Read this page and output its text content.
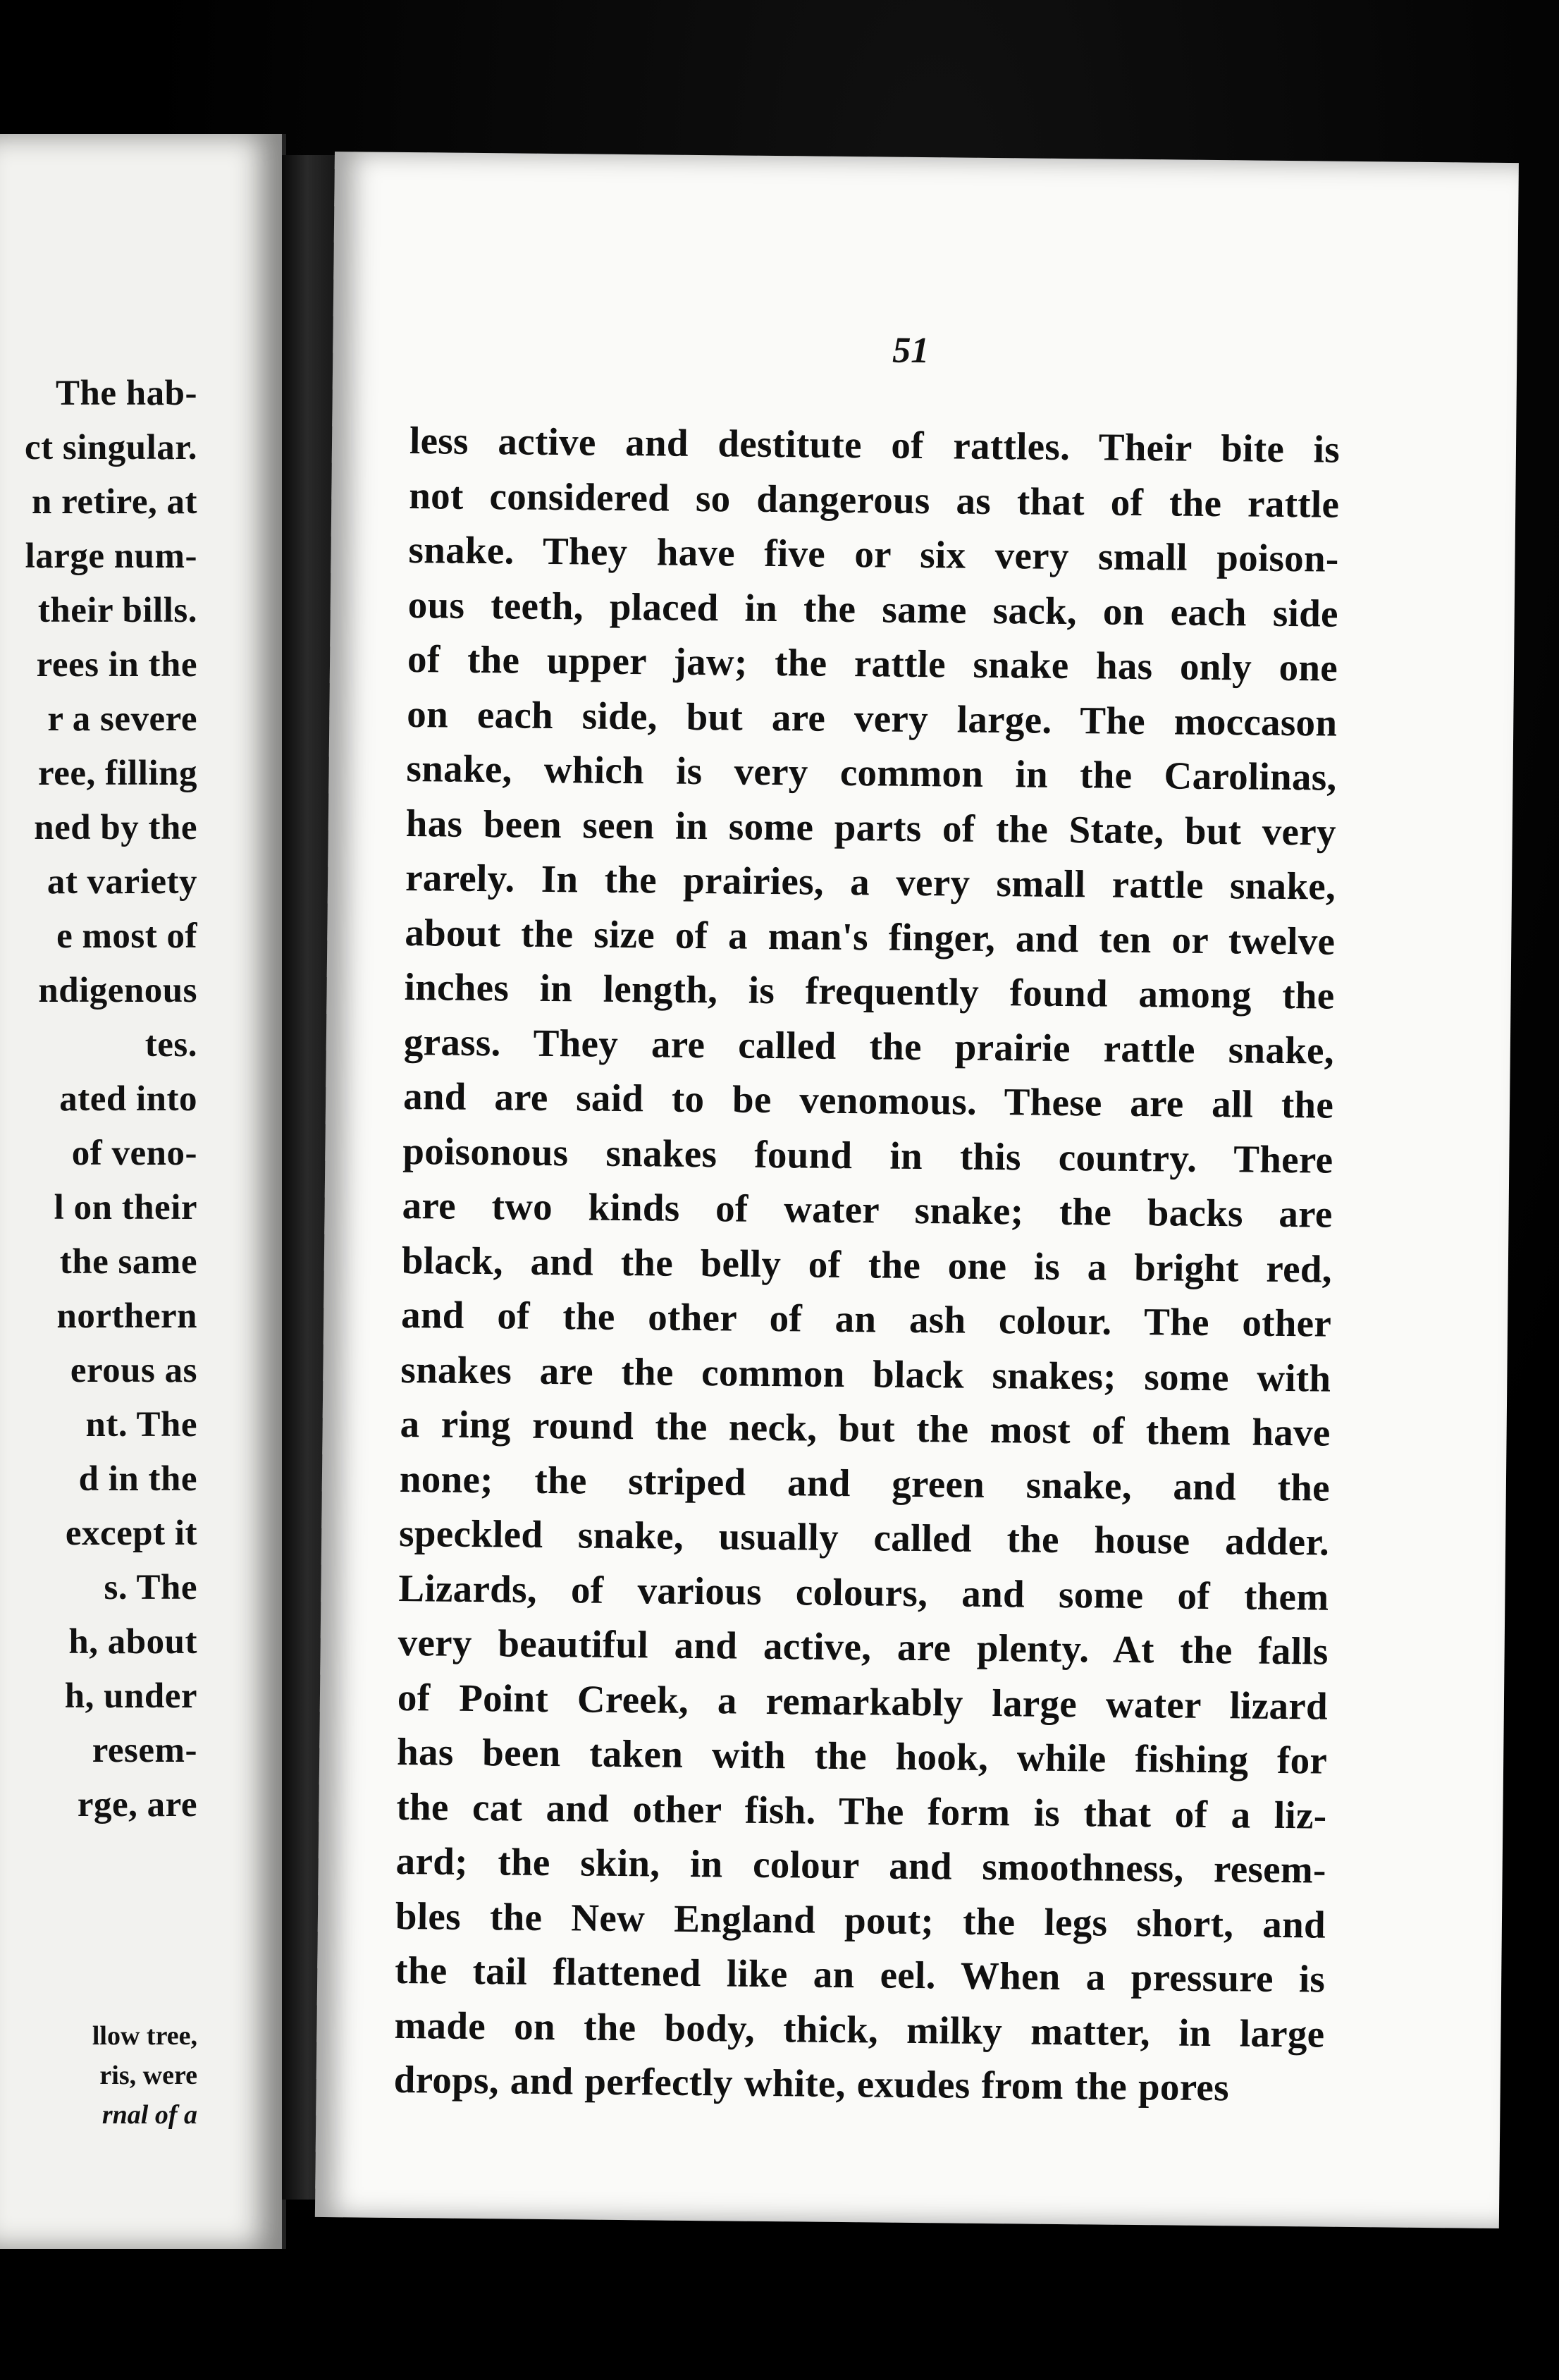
The hab-
ct singular.
n retire, at
large num-
their bills.
rees in the
r a severe
ree, filling
ned by the
at variety
e most of
ndigenous
tes.
ated into
of veno-
l on their
the same
northern
erous as
nt. The
d in the
except it
s. The
h, about
h, under
resem-
rge, are
llow tree,
ris, were
rnal of a
51
less active and destitute of rattles. Their bite is
not considered so dangerous as that of the rattle
snake. They have five or six very small poison-
ous teeth, placed in the same sack, on each side
of the upper jaw; the rattle snake has only one
on each side, but are very large. The moccason
snake, which is very common in the Carolinas,
has been seen in some parts of the State, but very
rarely. In the prairies, a very small rattle snake,
about the size of a man's finger, and ten or twelve
inches in length, is frequently found among the
grass. They are called the prairie rattle snake,
and are said to be venomous. These are all the
poisonous snakes found in this country. There
are two kinds of water snake; the backs are
black, and the belly of the one is a bright red,
and of the other of an ash colour. The other
snakes are the common black snakes; some with
a ring round the neck, but the most of them have
none; the striped and green snake, and the
speckled snake, usually called the house adder.
Lizards, of various colours, and some of them
very beautiful and active, are plenty. At the falls
of Point Creek, a remarkably large water lizard
has been taken with the hook, while fishing for
the cat and other fish. The form is that of a liz-
ard; the skin, in colour and smoothness, resem-
bles the New England pout; the legs short, and
the tail flattened like an eel. When a pressure is
made on the body, thick, milky matter, in large
drops, and perfectly white, exudes from the pores
